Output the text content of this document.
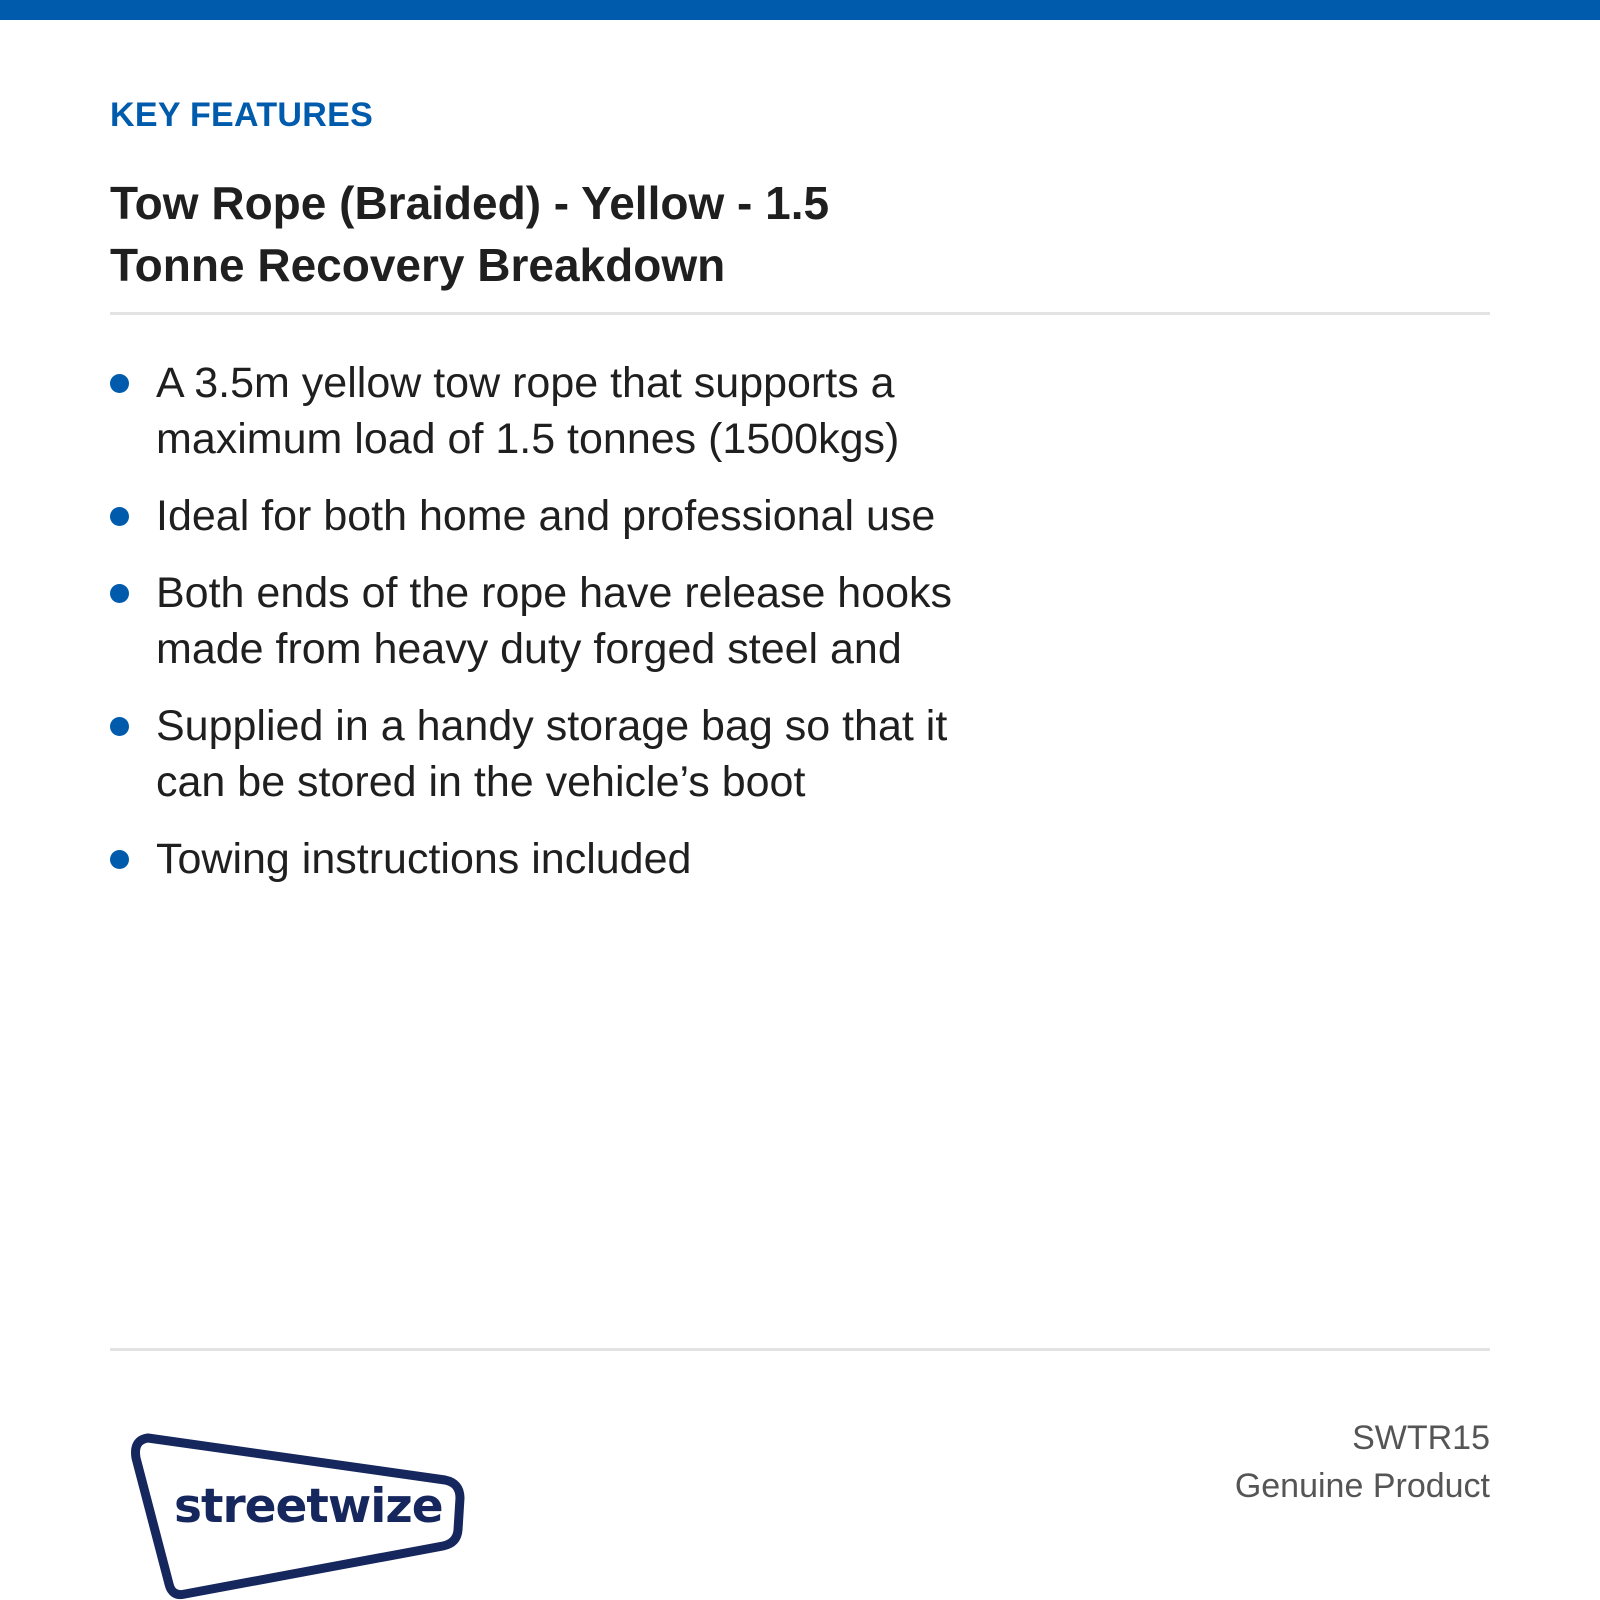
KEY FEATURES
Tow Rope (Braided) - Yellow - 1.5
Tonne Recovery Breakdown
A 3.5m yellow tow rope that supports a
maximum load of 1.5 tonnes (1500kgs)
Ideal for both home and professional use
Both ends of the rope have release hooks
made from heavy duty forged steel and
Supplied in a handy storage bag so that it
can be stored in the vehicle’s boot
Towing instructions included
streetwize
SWTR15
Genuine Product
